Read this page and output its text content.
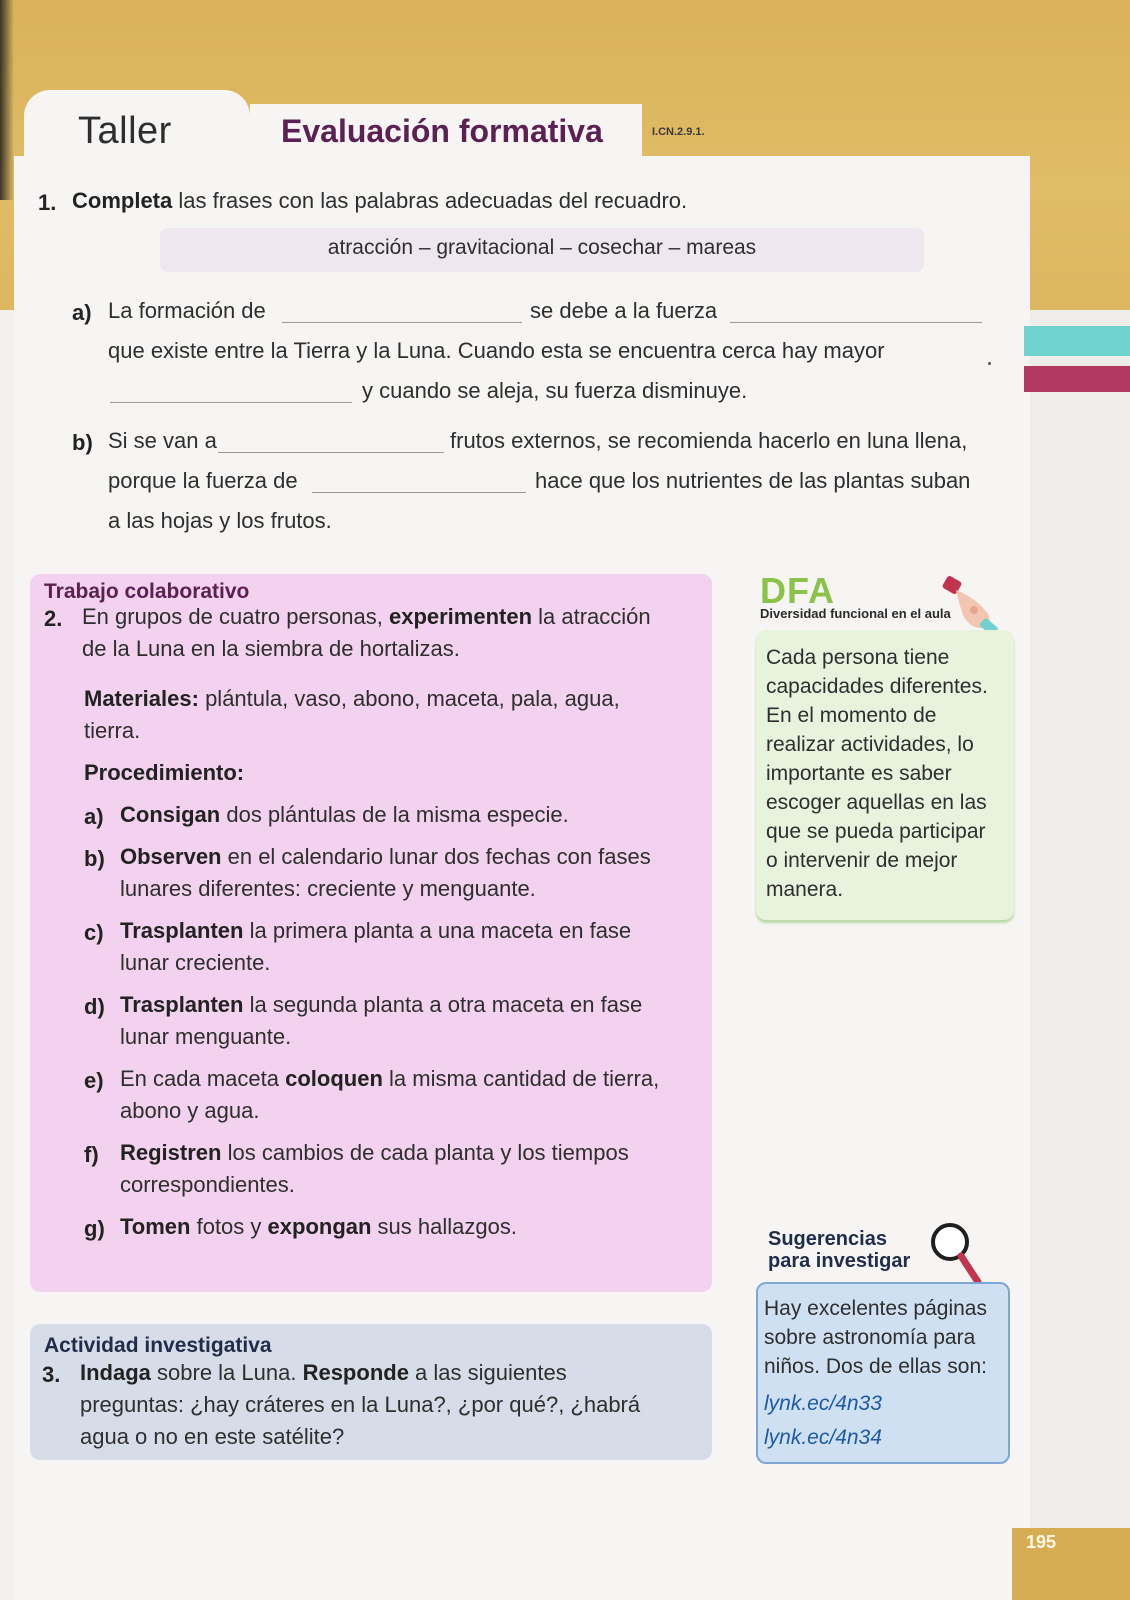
Taller	Evaluación formativa	I.CN.2.9.1.
1. Completa las frases con las palabras adecuadas del recuadro.
atracción – gravitacional – cosechar – mareas
a) La formación de	se debe a la fuerza
que existe entre la Tierra y la Luna. Cuando esta se encuentra cerca hay mayor
y cuando se aleja, su fuerza disminuye.
b) Si se van a	frutos externos, se recomienda hacerlo en luna llena,
porque la fuerza de	hace que los nutrientes de las plantas suban
a las hojas y los frutos.
Trabajo colaborativo
2. En grupos de cuatro personas, experimenten la atracción
de la Luna en la siembra de hortalizas.
Materiales: plántula, vaso, abono, maceta, pala, agua,
tierra.
Procedimiento:
a) Consigan dos plántulas de la misma especie.
b) Observen en el calendario lunar dos fechas con fases
lunares diferentes: creciente y menguante.
c) Trasplanten la primera planta a una maceta en fase
lunar creciente.
d) Trasplanten la segunda planta a otra maceta en fase
lunar menguante.
e) En cada maceta coloquen la misma cantidad de tierra,
abono y agua.
f) Registren los cambios de cada planta y los tiempos
correspondientes.
g) Tomen fotos y expongan sus hallazgos.
Actividad investigativa
3. Indaga sobre la Luna. Responde a las siguientes
preguntas: ¿hay cráteres en la Luna?, ¿por qué?, ¿habrá
agua o no en este satélite?
DFA
Diversidad funcional en el aula
Cada persona tiene
capacidades diferentes.
En el momento de
realizar actividades, lo
importante es saber
escoger aquellas en las
que se pueda participar
o intervenir de mejor
manera.
Sugerencias
para investigar
Hay excelentes páginas
sobre astronomía para
niños. Dos de ellas son:
lynk.ec/4n33
lynk.ec/4n34
195
